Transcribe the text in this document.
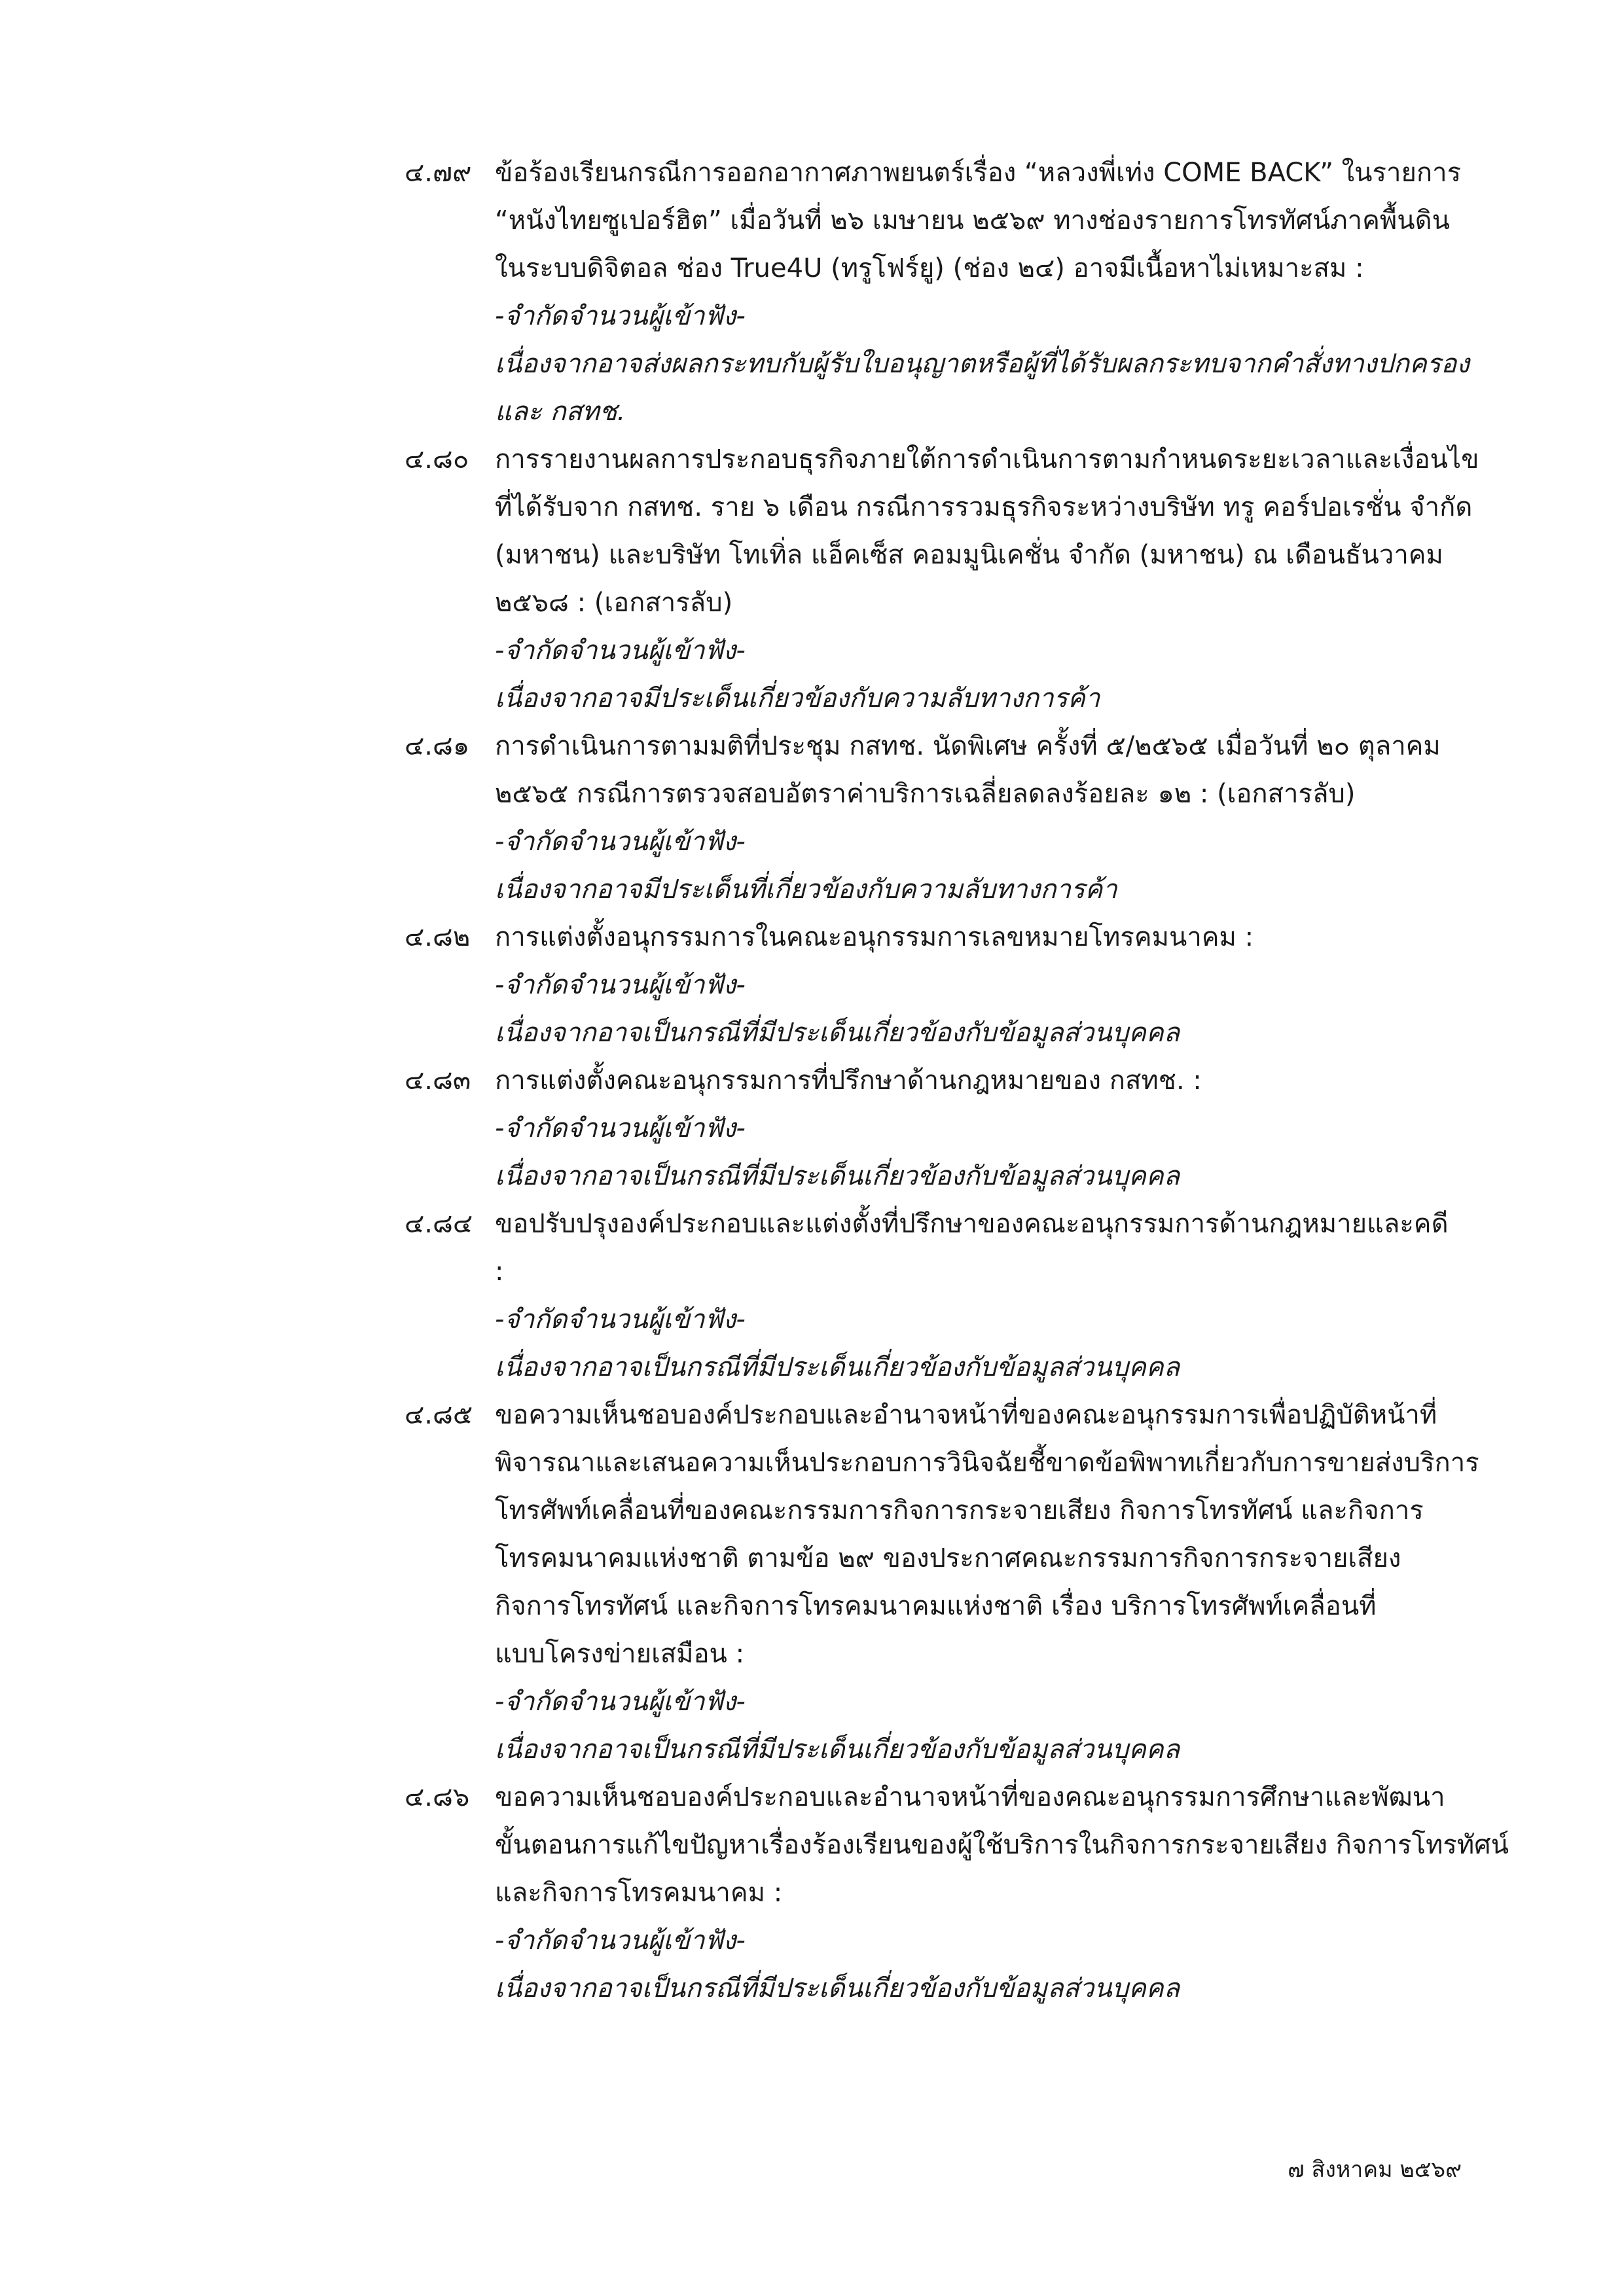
๔.๗๙ ข้อร้องเรียนกรณีการออกอากาศภาพยนตร์เรื่อง “หลวงพี่เท่ง COME BACK” ในรายการ

“หนังไทยซูเปอร์ฮิต” เมื่อวันที่ ๒๖ เมษายน ๒๕๖๙ ทางช่องรายการโทรทัศน์ภาคพื้นดิน

ในระบบดิจิตอล ช่อง True4U (ทรูโฟร์ยู) (ช่อง ๒๔) อาจมีเนื้อหาไม่เหมาะสม :

-จำกัดจำนวนผู้เข้าฟัง-

เนื่องจากอาจส่งผลกระทบกับผู้รับใบอนุญาตหรือผู้ที่ได้รับผลกระทบจากคำสั่งทางปกครอง

และ กสทช.

๔.๘๐ การรายงานผลการประกอบธุรกิจภายใต้การดำเนินการตามกำหนดระยะเวลาและเงื่อนไข

ที่ได้รับจาก กสทช. ราย ๖ เดือน กรณีการรวมธุรกิจระหว่างบริษัท ทรู คอร์ปอเรชั่น จำกัด

(มหาชน) และบริษัท โทเทิ่ล แอ็คเซ็ส คอมมูนิเคชั่น จำกัด (มหาชน) ณ เดือนธันวาคม

๒๕๖๘ : (เอกสารลับ)

-จำกัดจำนวนผู้เข้าฟัง-

เนื่องจากอาจมีประเด็นเกี่ยวข้องกับความลับทางการค้า

๔.๘๑ การดำเนินการตามมติที่ประชุม กสทช. นัดพิเศษ ครั้งที่ ๕/๒๕๖๕ เมื่อวันที่ ๒๐ ตุลาคม

๒๕๖๕ กรณีการตรวจสอบอัตราค่าบริการเฉลี่ยลดลงร้อยละ ๑๒ : (เอกสารลับ)

-จำกัดจำนวนผู้เข้าฟัง-

เนื่องจากอาจมีประเด็นที่เกี่ยวข้องกับความลับทางการค้า

๔.๘๒ การแต่งตั้งอนุกรรมการในคณะอนุกรรมการเลขหมายโทรคมนาคม :

-จำกัดจำนวนผู้เข้าฟัง-

เนื่องจากอาจเป็นกรณีที่มีประเด็นเกี่ยวข้องกับข้อมูลส่วนบุคคล

๔.๘๓ การแต่งตั้งคณะอนุกรรมการที่ปรึกษาด้านกฎหมายของ กสทช. :

-จำกัดจำนวนผู้เข้าฟัง-

เนื่องจากอาจเป็นกรณีที่มีประเด็นเกี่ยวข้องกับข้อมูลส่วนบุคคล

๔.๘๔ ขอปรับปรุงองค์ประกอบและแต่งตั้งที่ปรึกษาของคณะอนุกรรมการด้านกฎหมายและคดี

:

-จำกัดจำนวนผู้เข้าฟัง-

เนื่องจากอาจเป็นกรณีที่มีประเด็นเกี่ยวข้องกับข้อมูลส่วนบุคคล

๔.๘๕ ขอความเห็นชอบองค์ประกอบและอำนาจหน้าที่ของคณะอนุกรรมการเพื่อปฏิบัติหน้าที่

พิจารณาและเสนอความเห็นประกอบการวินิจฉัยชี้ขาดข้อพิพาทเกี่ยวกับการขายส่งบริการ

โทรศัพท์เคลื่อนที่ของคณะกรรมการกิจการกระจายเสียง กิจการโทรทัศน์ และกิจการ

โทรคมนาคมแห่งชาติ ตามข้อ ๒๙ ของประกาศคณะกรรมการกิจการกระจายเสียง

กิจการโทรทัศน์ และกิจการโทรคมนาคมแห่งชาติ เรื่อง บริการโทรศัพท์เคลื่อนที่

แบบโครงข่ายเสมือน :

-จำกัดจำนวนผู้เข้าฟัง-

เนื่องจากอาจเป็นกรณีที่มีประเด็นเกี่ยวข้องกับข้อมูลส่วนบุคคล

๔.๘๖ ขอความเห็นชอบองค์ประกอบและอำนาจหน้าที่ของคณะอนุกรรมการศึกษาและพัฒนา

ขั้นตอนการแก้ไขปัญหาเรื่องร้องเรียนของผู้ใช้บริการในกิจการกระจายเสียง กิจการโทรทัศน์

และกิจการโทรคมนาคม :

-จำกัดจำนวนผู้เข้าฟัง-

เนื่องจากอาจเป็นกรณีที่มีประเด็นเกี่ยวข้องกับข้อมูลส่วนบุคคล

๗ สิงหาคม ๒๕๖๙
